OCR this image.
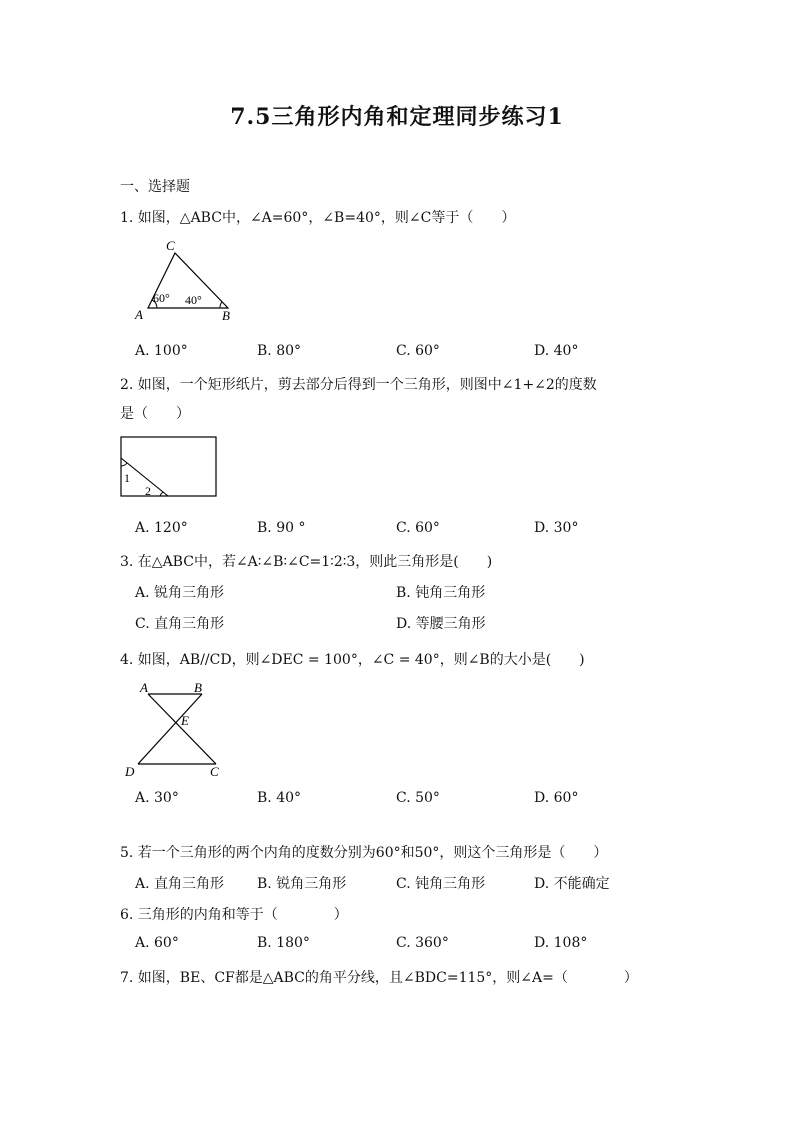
7.5三角形内角和定理同步练习1
一、选择题
1. 如图，△ABC中，∠A=60°，∠B=40°，则∠C等于（　　）
C
A	B
60° 40°
A. 100°	B. 80°	C. 60°	D. 40°
2. 如图，一个矩形纸片，剪去部分后得到一个三角形，则图中∠1+∠2的度数
是（　　）
1
2
A. 120°	B. 90 °	C. 60°	D. 30°
3. 在△ABC中，若∠A∶∠B∶∠C=1∶2∶3，则此三角形是(　　)
A. 锐角三角形	B. 钝角三角形
C. 直角三角形	D. 等腰三角形
4. 如图，AB//CD，则∠DEC = 100°，∠C = 40°，则∠B的大小是(　　)
A	B
E
D	C
A. 30°	B. 40°	C. 50°	D. 60°
5. 若一个三角形的两个内角的度数分别为60°和50°，则这个三角形是（　　）
A. 直角三角形 B. 锐角三角形	C. 钝角三角形	D. 不能确定
6. 三角形的内角和等于（　　　　）
A. 60°	B. 180°	C. 360°	D. 108°
7. 如图，BE、CF都是△ABC的角平分线，且∠BDC=115°，则∠A=（　　　　）
